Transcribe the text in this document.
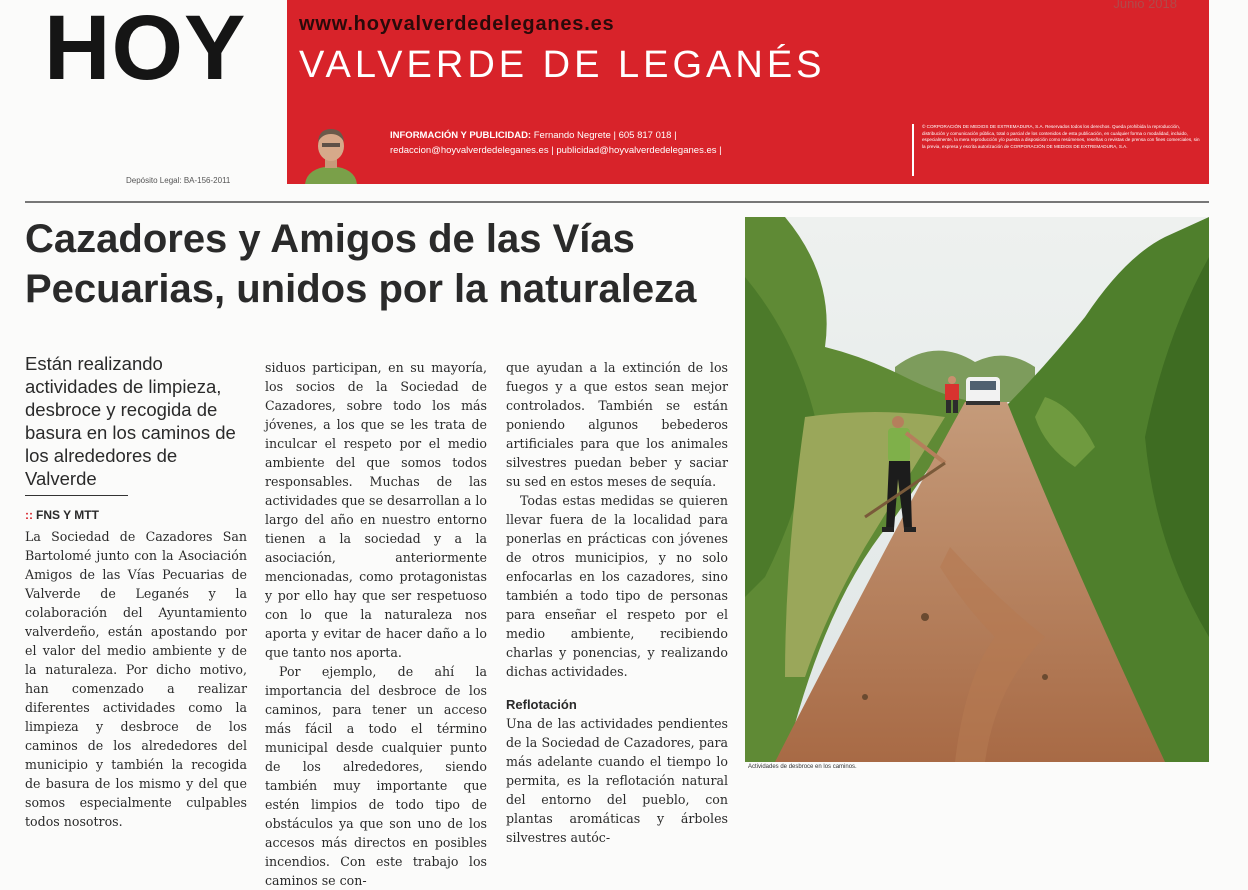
HOY
Depósito Legal: BA-156-2011
www.hoyvalverdedeleganes.es
Junio 2018
VALVERDE DE LEGANÉS
INFORMACIÓN Y PUBLICIDAD: Fernando Negrete | 605 817 018 |
redaccion@hoyvalverdedeleganes.es | publicidad@hoyvalverdedeleganes.es |
© CORPORACIÓN DE MEDIOS DE EXTREMADURA, S.A. Reservados todos los derechos. Queda prohibida la reproducción, distribución y comunicación pública, total o parcial de los contenidos de esta publicación, en cualquier forma o modalidad, incluido, especialmente, la mera reproducción y/o puesta a disposición como resúmenes, reseñas o revistas de prensa con fines comerciales, sin la previa, expresa y escrita autorización de CORPORACIÓN DE MEDIOS DE EXTREMADURA, S.A.
Cazadores y Amigos de las Vías Pecuarias, unidos por la naturaleza
Están realizando actividades de limpieza, desbroce y recogida de basura en los caminos de los alrededores de Valverde
:: FNS Y MTT

La Sociedad de Cazadores San Bartolomé junto con la Asociación Amigos de las Vías Pecuarias de Valverde de Leganés y la colaboración del Ayuntamiento valverdeño, están apostando por el valor del medio ambiente y de la naturaleza. Por dicho motivo, han comenzado a realizar diferentes actividades como la limpieza y desbroce de los caminos de los alrededores del municipio y también la recogida de basura de los mismo y del que somos especialmente culpables todos nosotros.

siduos participan, en su mayoría, los socios de la Sociedad de Cazadores, sobre todo los más jóvenes, a los que se les trata de inculcar el respeto por el medio ambiente del que somos todos responsables. Muchas de las actividades que se desarrollan a lo largo del año en nuestro entorno tienen a la sociedad y a la asociación, anteriormente mencionadas, como protagonistas y por ello hay que ser respetuoso con lo que la naturaleza nos aporta y evitar de hacer daño a lo que tanto nos aporta.

Por ejemplo, de ahí la importancia del desbroce de los caminos, para tener un acceso más fácil a todo el término municipal desde cualquier punto de los alrededores, siendo también muy importante que estén limpios de todo tipo de obstáculos ya que son uno de los accesos más directos en posibles incendios. Con este trabajo los caminos se con-

que ayudan a la extinción de los fuegos y a que estos sean mejor controlados. También se están poniendo algunos bebederos artificiales para que los animales silvestres puedan beber y saciar su sed en estos meses de sequía.

Todas estas medidas se quieren llevar fuera de la localidad para ponerlas en prácticas con jóvenes de otros municipios, y no solo enfocarlas en los cazadores, sino también a todo tipo de personas para enseñar el respeto por el medio ambiente, recibiendo charlas y ponencias, y realizando dichas actividades.

Reflotación

Una de las actividades pendientes de la Sociedad de Cazadores, para más adelante cuando el tiempo lo permita, es la reflotación natural del entorno del pueblo, con plantas aromáticas y árboles silvestres autóc-

Actividades de desbroce en los caminos.
